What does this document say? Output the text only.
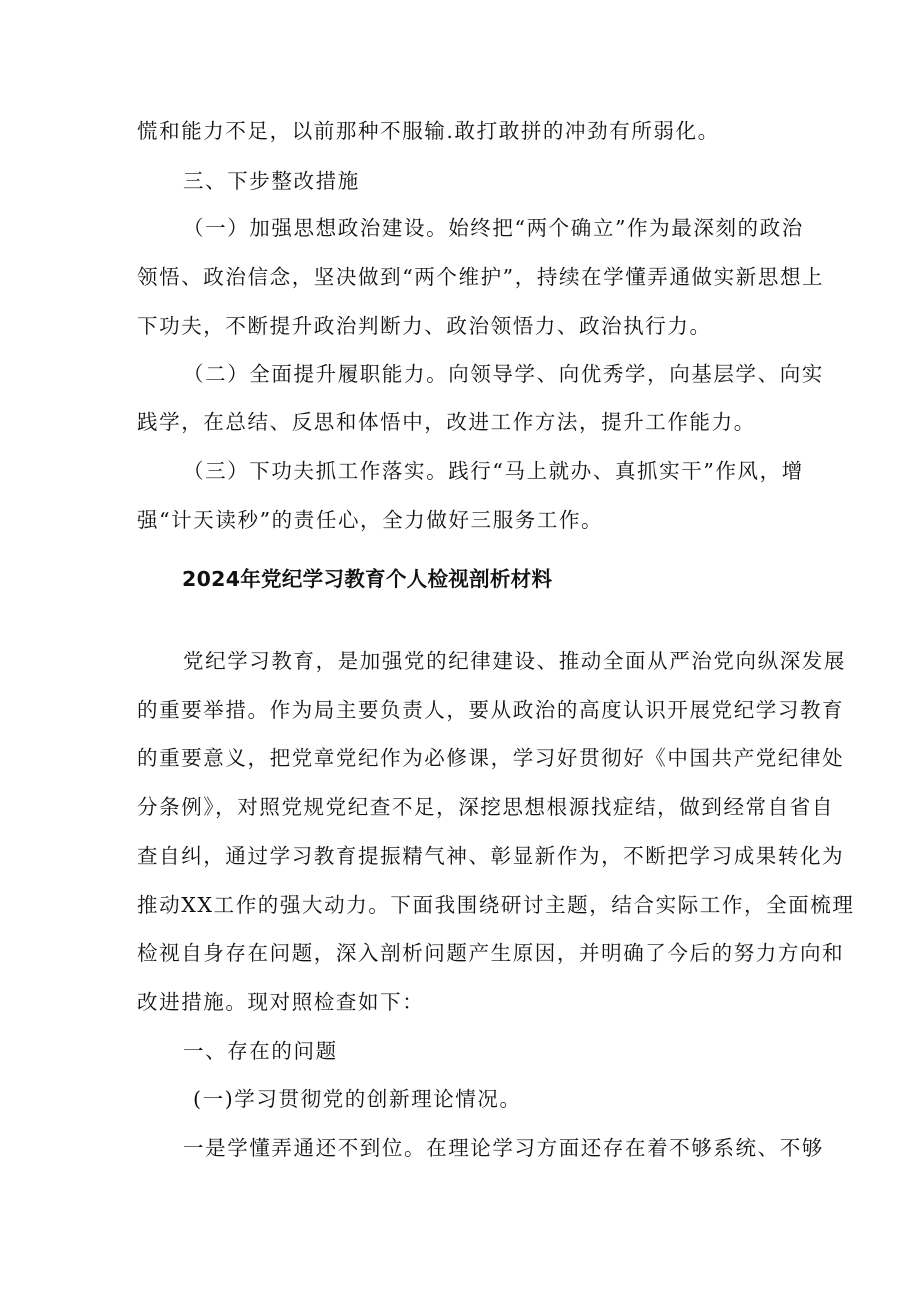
慌和能力不足，以前那种不服输.敢打敢拼的冲劲有所弱化。
三、下步整改措施
（一）加强思想政治建设。始终把“两个确立”作为最深刻的政治
领悟、政治信念，坚决做到“两个维护”，持续在学懂弄通做实新思想上
下功夫，不断提升政治判断力、政治领悟力、政治执行力。
（二）全面提升履职能力。向领导学、向优秀学，向基层学、向实
践学，在总结、反思和体悟中，改进工作方法，提升工作能力。
（三）下功夫抓工作落实。践行“马上就办、真抓实干”作风，增
强“计天读秒”的责任心，全力做好三服务工作。
2024年党纪学习教育个人检视剖析材料
党纪学习教育，是加强党的纪律建设、推动全面从严治党向纵深发展
的重要举措。作为局主要负责人，要从政治的高度认识开展党纪学习教育
的重要意义，把党章党纪作为必修课，学习好贯彻好《中国共产党纪律处
分条例》，对照党规党纪查不足，深挖思想根源找症结，做到经常自省自
查自纠，通过学习教育提振精气神、彰显新作为，不断把学习成果转化为
推动XX工作的强大动力。下面我围绕研讨主题，结合实际工作，全面梳理
检视自身存在问题，深入剖析问题产生原因，并明确了今后的努力方向和
改进措施。现对照检查如下：
一、存在的问题
(一)学习贯彻党的创新理论情况。
一是学懂弄通还不到位。在理论学习方面还存在着不够系统、不够
